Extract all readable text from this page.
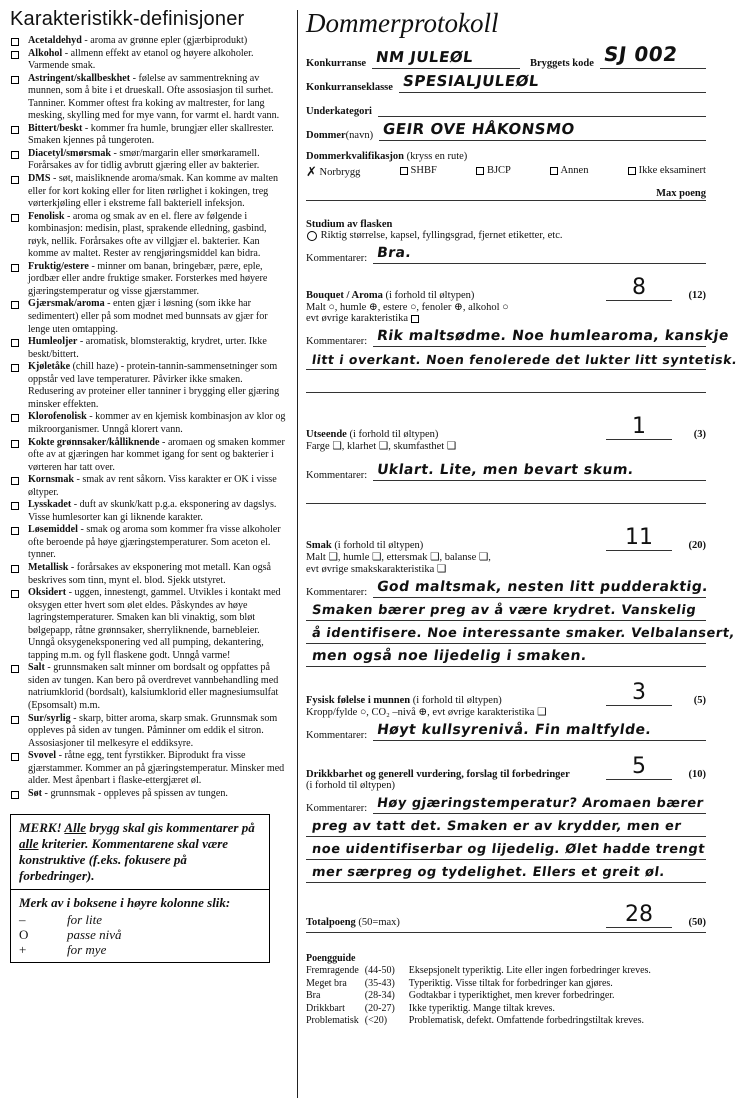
Karakteristikk-definisjoner
Acetaldehyd - aroma av grønne epler (gjærbiprodukt)
Alkohol - allmenn effekt av etanol og høyere alkoholer. Varmende smak.
Astringent/skallbeskhet - følelse av sammentrekning av munnen, som å bite i et drueskall. Ofte assosiasjon til surhet. Tanniner. Kommer oftest fra koking av maltrester, for lang mesking, skylling med for mye vann, for varmt el. hardt vann.
Bittert/beskt - kommer fra humle, brungjær eller skallrester. Smaken kjennes på tungeroten.
Diacetyl/smørsmak - smør/margarin eller smørkaramell. Forårsakes av for tidlig avbrutt gjæring eller av bakterier.
DMS - søt, maisliknende aroma/smak. Kan komme av malten eller for kort koking eller for liten rørlighet i kokingen, treg vørterkjøling eller i ekstreme fall bakteriell infeksjon.
Fenolisk - aroma og smak av en el. flere av følgende i kombinasjon: medisin, plast, sprakende elledning, gasbind, røyk, nellik. Forårsakes ofte av villgjær el. bakterier. Kan komme av maltet. Rester av rengjøringsmiddel kan bidra.
Fruktig/estere - minner om banan, bringebær, pære, eple, jordbær eller andre fruktige smaker. Forsterkes med høyere gjæringstemperatur og visse gjærstammer.
Gjærsmak/aroma - enten gjær i løsning (som ikke har sedimentert) eller på som modnet med bunnsats av gjær for lenge uten omtapping.
Humleoljer - aromatisk, blomsteraktig, krydret, urter. Ikke beskt/bittert.
Kjøletåke (chill haze) - protein-tannin-sammensetninger som oppstår ved lave temperaturer. Påvirker ikke smaken. Redusering av proteiner eller tanniner i brygging eller gjæring minsker effekten.
Klorofenolisk - kommer av en kjemisk kombinasjon av klor og mikroorganismer. Unngå klorert vann.
Kokte grønnsaker/kålliknende - aromaen og smaken kommer ofte av at gjæringen har kommet igang for sent og bakterier i vørteren har tatt over.
Kornsmak - smak av rent såkorn. Viss karakter er OK i visse øltyper.
Lysskadet - duft av skunk/katt p.g.a. eksponering av dagslys. Visse humlesorter kan gi liknende karakter.
Løsemiddel - smak og aroma som kommer fra visse alkoholer ofte beroende på høye gjæringstemperaturer. Som aceton el. tynner.
Metallisk - forårsakes av eksponering mot metall. Kan også beskrives som tinn, mynt el. blod. Sjekk utstyret.
Oksidert - uggen, innestengt, gammel. Utvikles i kontakt med oksygen etter hvert som ølet eldes. Påskyndes av høye lagringstemperaturer. Smaken kan bli vinaktig, som bløt bølgepapp, råtne grønnsaker, sherryliknende, barnebleier. Unngå oksygeneksponering ved all pumping, dekantering, tapping m.m. og fyll flaskene godt. Unngå varme!
Salt - grunnsmaken salt minner om bordsalt og oppfattes på siden av tungen. Kan bero på overdrevet vannbehandling med natriumklorid (bordsalt), kalsiumklorid eller magnesiumsulfat (Epsomsalt) m.m.
Sur/syrlig - skarp, bitter aroma, skarp smak. Grunnsmak som oppleves på siden av tungen. Påminner om eddik el sitron. Assosiasjoner til melkesyre el eddiksyre.
Svovel - råtne egg, tent fyrstikker. Biprodukt fra visse gjærstammer. Kommer an på gjæringstemperatur. Minsker med alder. Mest åpenbart i flaske-ettergjæret øl.
Søt - grunnsmak - oppleves på spissen av tungen.
MERK! Alle brygg skal gis kommentarer på alle kriterier. Kommentarene skal være konstruktive (f.eks. fokusere på forbedringer).
Merk av i boksene i høyre kolonne slik:
–	for lite
O	passe nivå
+	for mye
Dommerprotokoll
Konkurranse NM JULEØL	Bryggets kode SJ 002
Konkurranseklasse SPESIALJULEØL
Underkategori
Dommer (navn) GEIR OVE HÅKONSMO
Dommerkvalifikasjon (kryss en rute)
✗ Norbrygg	SHBF	BJCP	Annen	Ikke eksaminert
Max poeng
Studium av flasken
Riktig størrelse, kapsel, fyllingsgrad, fjernet etiketter, etc.
Kommentarer: Bra.
Bouquet / Aroma (i forhold til øltypen)	8	(12)
Malt ○, humle ⊕, estere ○, fenoler ⊕, alkohol ○
evt øvrige karakteristika
Kommentarer: Rik maltsødme. Noe humlearoma, kanskje
litt i overkant. Noen fenolerede det lukter litt syntetisk.
Utseende (i forhold til øltypen)	1	(3)
Farge ❑, klarhet ❑, skumfasthet ❑
Kommentarer: Uklart. Lite, men bevart skum.
Smak (i forhold til øltypen)	11	(20)
Malt ❑, humle ❑, ettersmak ❑, balanse ❑,
evt øvrige smakskarakteristika ❑
Kommentarer: God maltsmak, nesten litt pudderaktig.
Smaken bærer preg av å være krydret. Vanskelig
å identifisere. Noe interessante smaker. Velbalansert,
men også noe lijedelig i smaken.
Fysisk følelse i munnen (i forhold til øltypen)	3	(5)
Kropp/fylde ○, CO₂ –nivå ⊕, evt øvrige karakteristika ❑
Kommentarer: Høyt kullsyrenivå. Fin maltfylde.
Drikkbarhet og generell vurdering, forslag til forbedringer	5	(10)
(i forhold til øltypen)
Kommentarer: Høy gjæringstemperatur? Aromaen bærer
preg av tatt det. Smaken er av krydder, men er
noe uidentifiserbar og lijedelig. Ølet hadde trengt
mer særpreg og tydelighet. Ellers et greit øl.
Totalpoeng (50=max)	28	(50)
Poengguide
Fremragende	(44-50)	Eksepsjonelt typeriktig. Lite eller ingen forbedringer kreves.
Meget bra	(35-43)	Typeriktig. Visse tiltak for forbedringer kan gjøres.
Bra	(28-34)	Godtakbar i typeriktighet, men krever forbedringer.
Drikkbart	(20-27)	Ikke typeriktig. Mange tiltak kreves.
Problematisk	(<20)	Problematisk, defekt. Omfattende forbedringstiltak kreves.
